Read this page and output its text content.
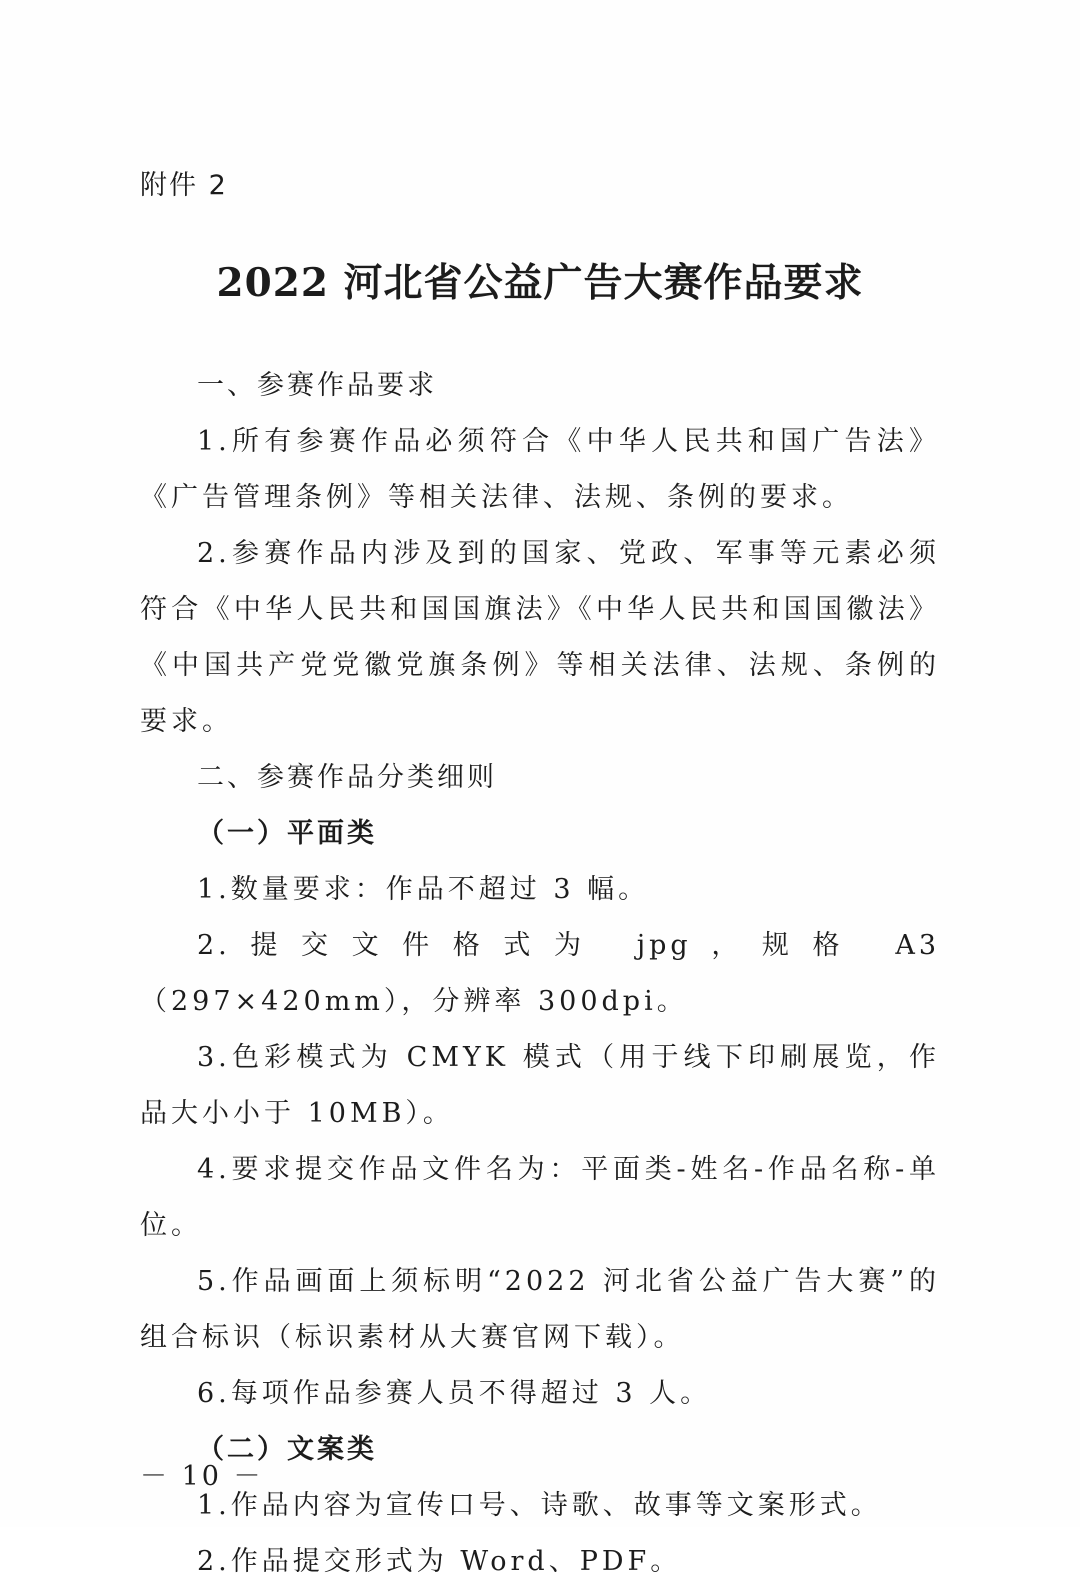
附件 2

2022 河北省公益广告大赛作品要求

一、参赛作品要求

1.所有参赛作品必须符合《中华人民共和国广告法》《广告管理条例》等相关法律、法规、条例的要求。

2.参赛作品内涉及到的国家、党政、军事等元素必须符合《中华人民共和国国旗法》《中华人民共和国国徽法》《中国共产党党徽党旗条例》等相关法律、法规、条例的要求。

二、参赛作品分类细则

（一）平面类

1.数量要求：作品不超过 3 幅。

2.提交文件格式为 jpg，规格 A3（297×420mm），分辨率 300dpi。

3.色彩模式为 CMYK 模式（用于线下印刷展览，作品大小小于 10MB）。

4.要求提交作品文件名为：平面类-姓名-作品名称-单位。

5.作品画面上须标明“2022 河北省公益广告大赛”的组合标识（标识素材从大赛官网下载）。

6.每项作品参赛人员不得超过 3 人。

（二）文案类

1.作品内容为宣传口号、诗歌、故事等文案形式。

2.作品提交形式为 Word、PDF。

－ 10 －
